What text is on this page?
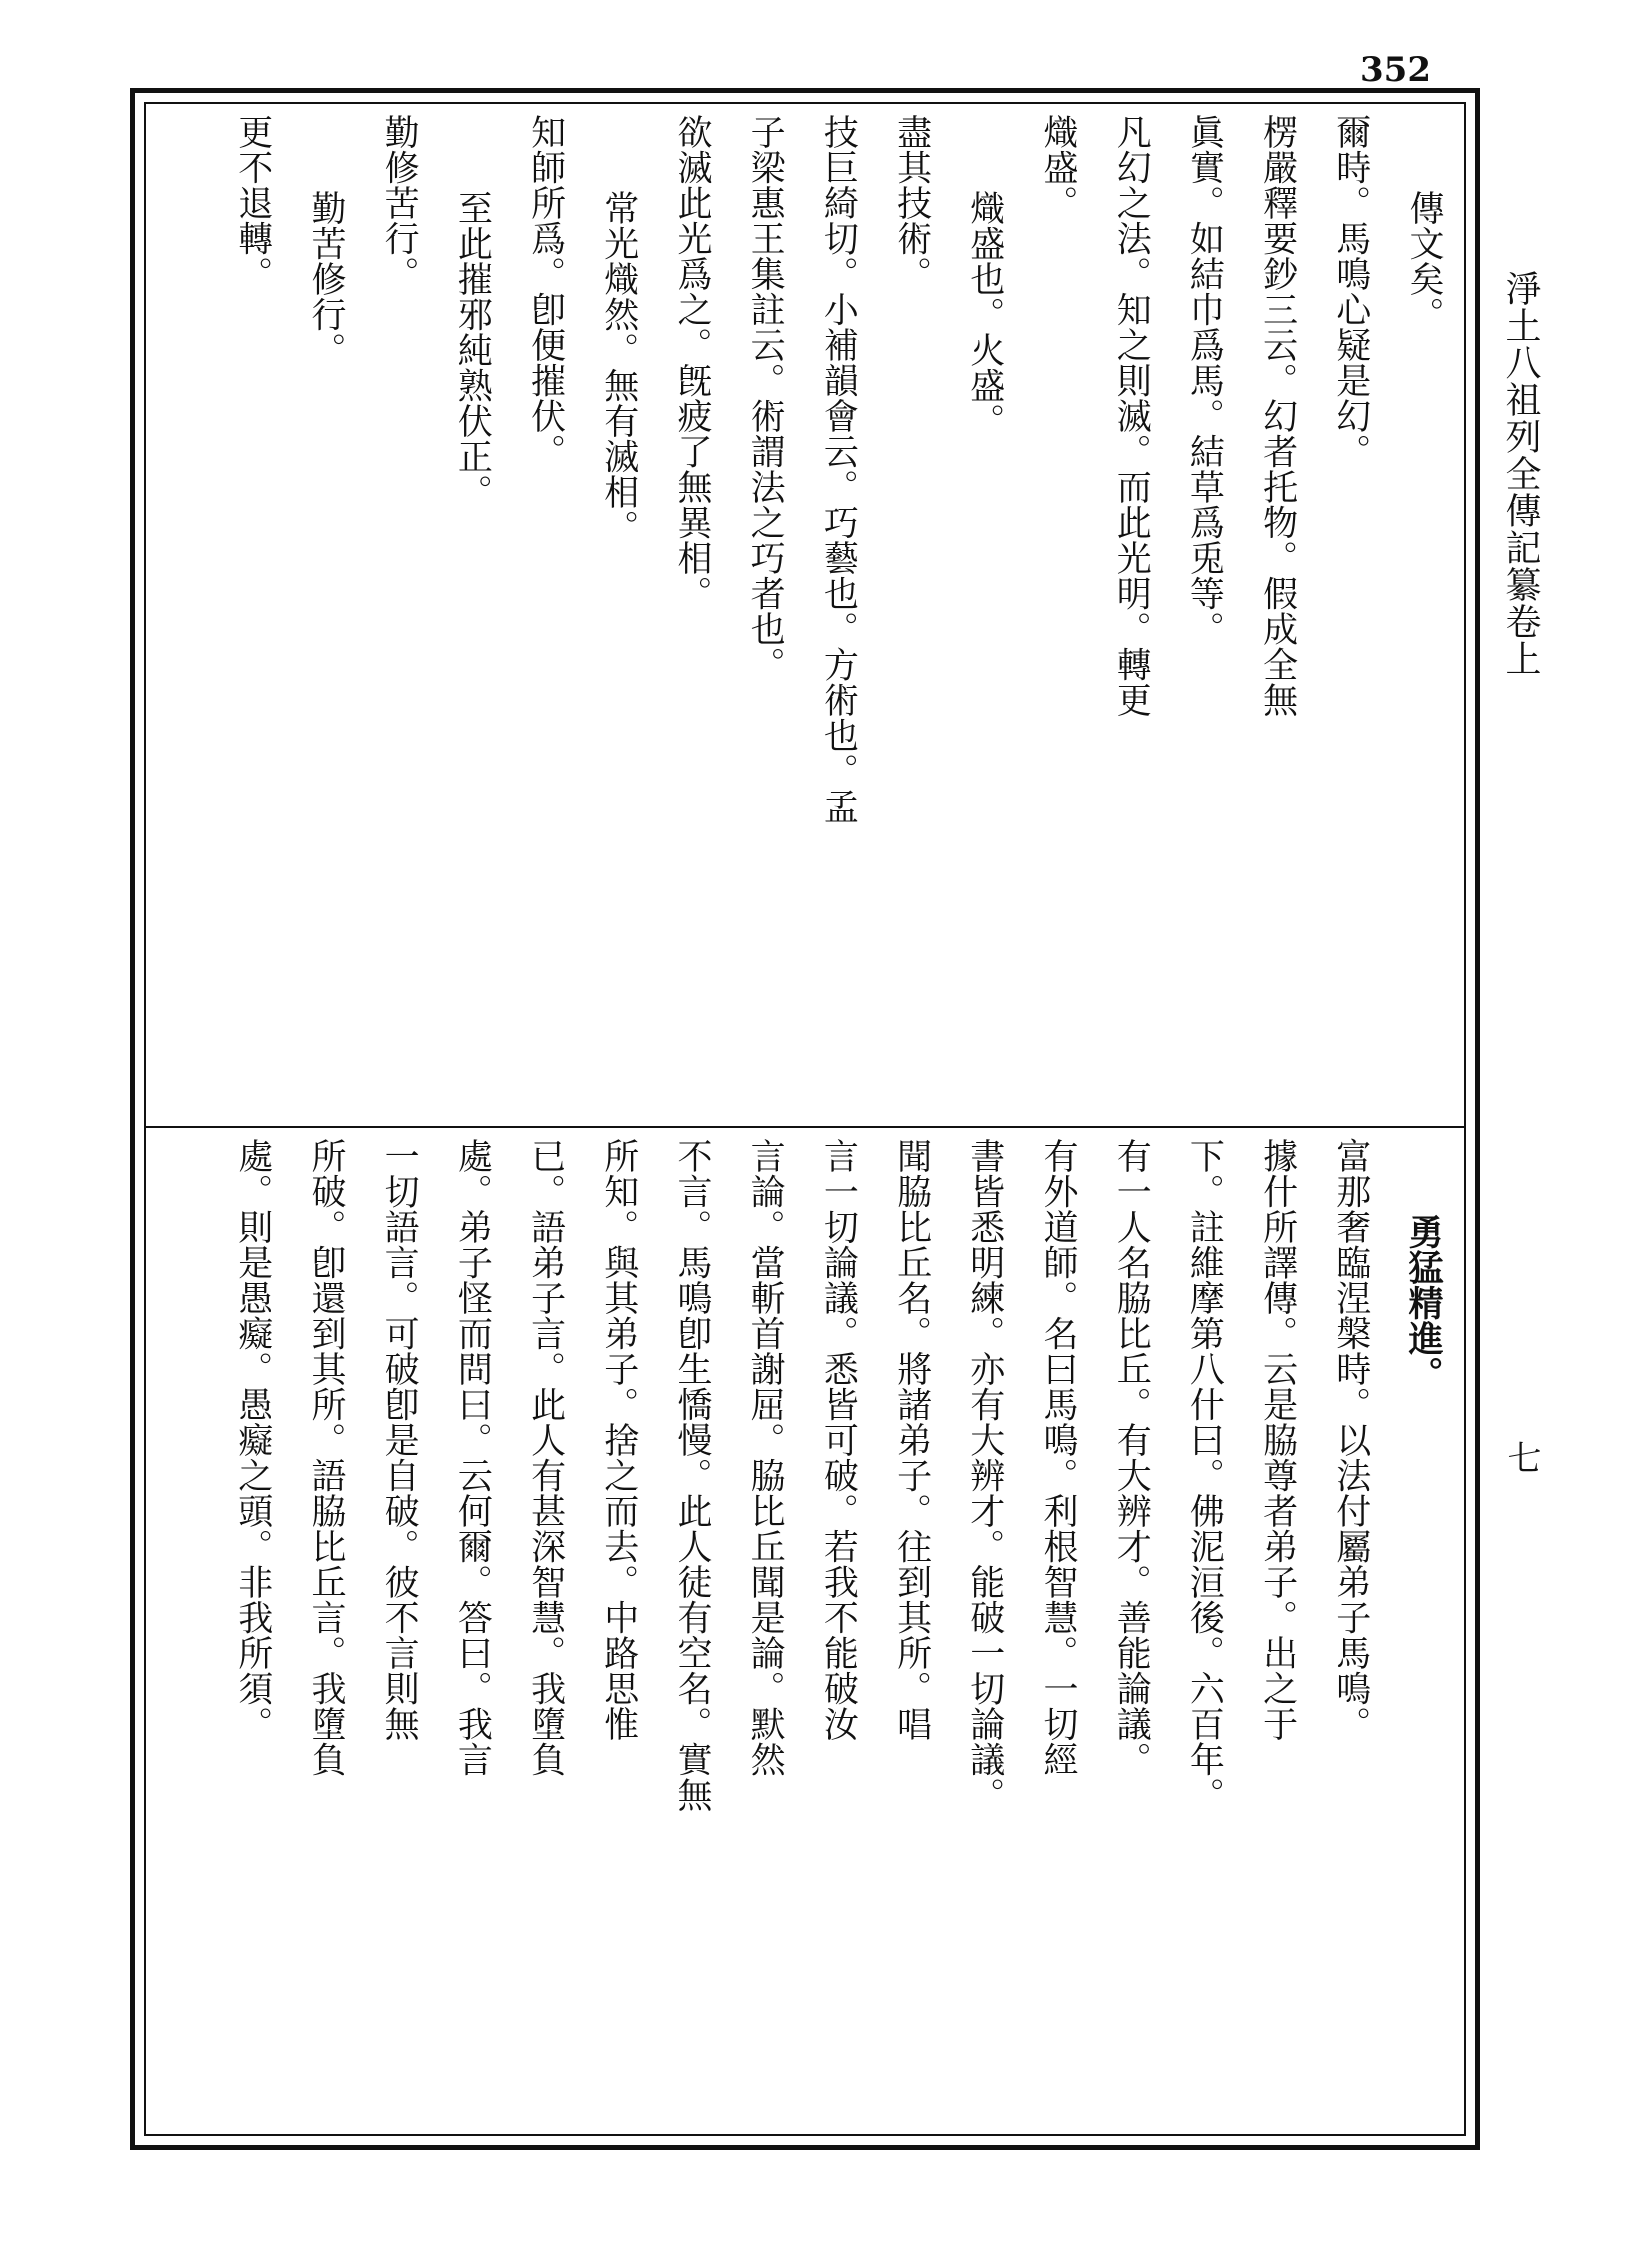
352
淨土八祖列全傳記纂卷上
七
傳文矣。
爾時。馬鳴心疑是幻。
楞嚴釋要鈔三云。幻者托物。假成全無
眞實。如結巾爲馬。結草爲兎等。
凡幻之法。知之則滅。而此光明。轉更
熾盛。
熾盛也。火盛。
盡其技術。
技巨綺切。小補韻會云。巧藝也。方術也。孟
子梁惠王集註云。術謂法之巧者也。
欲滅此光爲之。旣疲了無異相。
常光熾然。無有滅相。
知師所爲。卽便摧伏。
至此摧邪純熟伏正。
勤修苦行。
勤苦修行。
更不退轉。
勇猛精進。
富那奢臨涅槃時。以法付屬弟子馬鳴。
據什所譯傳。云是脇尊者弟子。出之于
下。註維摩第八什曰。佛泥洹後。六百年。
有一人名脇比丘。有大辨才。善能論議。
有外道師。名曰馬鳴。利根智慧。一切經
書皆悉明練。亦有大辨才。能破一切論議。
聞脇比丘名。將諸弟子。往到其所。唱
言一切論議。悉皆可破。若我不能破汝
言論。當斬首謝屈。脇比丘聞是論。默然
不言。馬鳴卽生憍慢。此人徒有空名。實無
所知。與其弟子。捨之而去。中路思惟
已。語弟子言。此人有甚深智慧。我墮負
處。弟子怪而問曰。云何爾。答曰。我言
一切語言。可破卽是自破。彼不言則無
所破。卽還到其所。語脇比丘言。我墮負
處。則是愚癡。愚癡之頭。非我所須。
